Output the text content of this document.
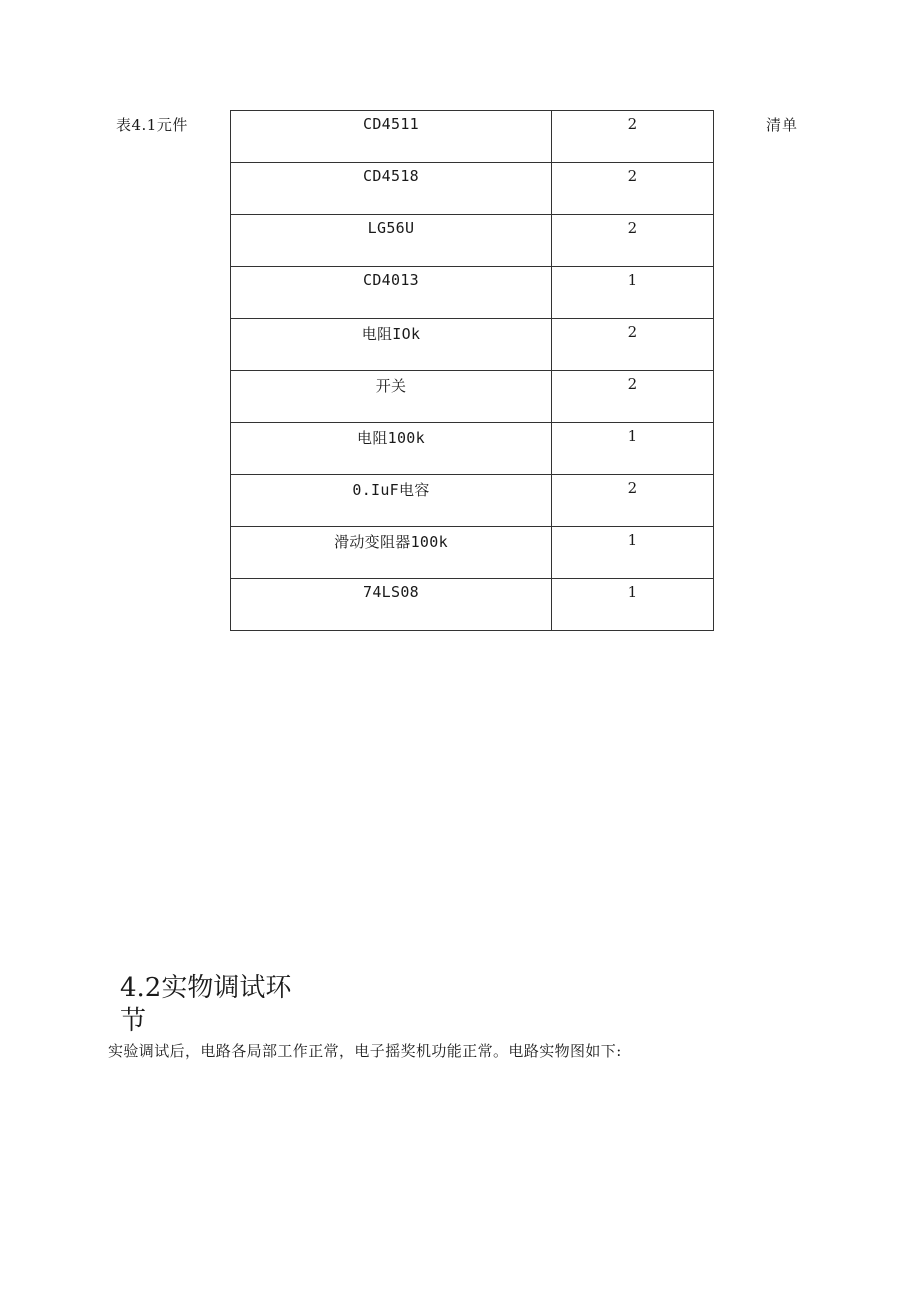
表4.1元件	清单
CD4511	2
CD4518	2
LG56U	2
CD4013	1
电阻IOk	2
开关	2
电阻100k	1
0.IuF电容	2
滑动变阻器100k	1
74LS08	1
4.2实物调试环节
实验调试后，电路各局部工作正常，电子摇奖机功能正常。电路实物图如下:
